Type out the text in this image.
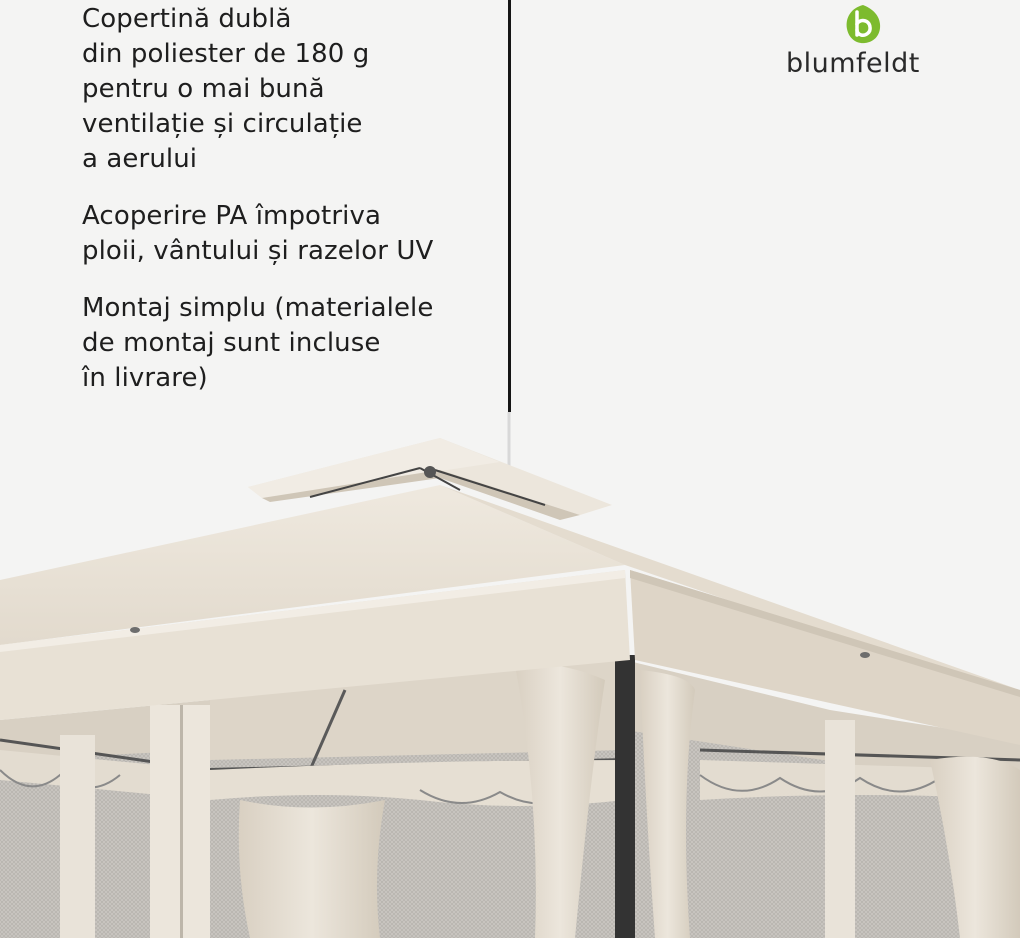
Copertină dublă
din poliester de 180 g
pentru o mai bună
ventilație și circulație
a aerului

Acoperire PA împotriva
ploii, vântului și razelor UV

Montaj simplu (materialele
de montaj sunt incluse
în livrare)

blumfeldt
